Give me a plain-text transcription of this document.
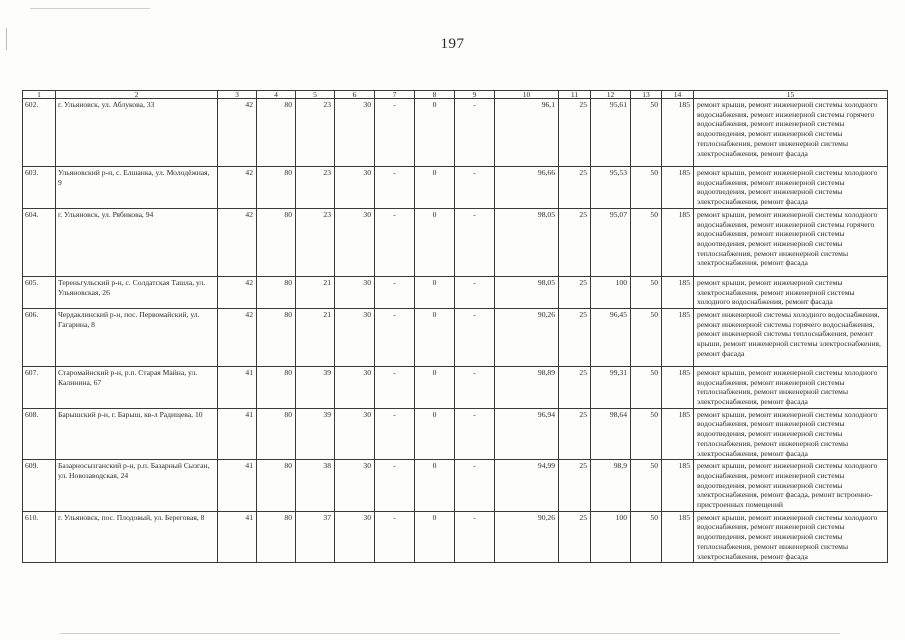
197
1	2	3	4	5	6	7	8	9	10	11	12	13	14	15
602.	г. Ульяновск, ул. Аблукова, 33	42	80	23	30	-	0	-	96,1	25	95,61	50	185	ремонт крыши, ремонт инженерной системы холодного водоснабжения, ремонт инженерной системы горячего водоснабжения, ремонт инженерной системы водоотведения, ремонт инженерной системы теплоснабжения, ремонт инженерной системы электроснабжения, ремонт фасада
603.	Ульяновский р-н, с. Елшанка, ул. Молодёжная, 9	42	80	23	30	-	0	-	96,66	25	95,53	50	185	ремонт крыши, ремонт инженерной системы холодного водоснабжения, ремонт инженерной системы водоотведения, ремонт инженерной системы электроснабжения, ремонт фасада
604.	г. Ульяновск, ул. Рябикова, 94	42	80	23	30	-	0	-	98,05	25	95,07	50	185	ремонт крыши, ремонт инженерной системы холодного водоснабжения, ремонт инженерной системы горячего водоснабжения, ремонт инженерной системы водоотведения, ремонт инженерной системы теплоснабжения, ремонт инженерной системы электроснабжения, ремонт фасада
605.	Тереньгульский р-н, с. Солдатская Ташла, ул. Ульяновская, 26	42	80	21	30	-	0	-	98,05	25	100	50	185	ремонт крыши, ремонт инженерной системы электроснабжения, ремонт инженерной системы холодного водоснабжения, ремонт фасада
606.	Чердаклинский р-н, пос. Первомайский, ул. Гагарина, 8	42	80	21	30	-	0	-	90,26	25	96,45	50	185	ремонт инженерной системы холодного водоснабжения, ремонт инженерной системы горячего водоснабжения, ремонт инженерной системы теплоснабжения, ремонт крыши, ремонт инженерной системы электроснабжения, ремонт фасада
607.	Старомайнский р-н, р.п. Старая Майна, ул. Калинина, 67	41	80	39	30	-	0	-	98,89	25	99,31	50	185	ремонт крыши, ремонт инженерной системы холодного водоснабжения, ремонт инженерной системы теплоснабжения, ремонт инженерной системы электроснабжения, ремонт фасада
608.	Барышский р-н, г. Барыш, кв-л Радищева, 10	41	80	39	30	-	0	-	96,94	25	98,64	50	185	ремонт крыши, ремонт инженерной системы холодного водоснабжения, ремонт инженерной системы водоотведения, ремонт инженерной системы теплоснабжения, ремонт инженерной системы электроснабжения, ремонт фасада
609.	Базарносызганский р-н, р.п. Базарный Сызган, ул. Новозаводская, 24	41	80	38	30	-	0	-	94,99	25	98,9	50	185	ремонт крыши, ремонт инженерной системы холодного водоснабжения, ремонт инженерной системы водоотведения, ремонт инженерной системы электроснабжения, ремонт фасада, ремонт встроенно-пристроенных помещений
610.	г. Ульяновск, пос. Плодовый, ул. Береговая, 8	41	80	37	30	-	0	-	90,26	25	100	50	185	ремонт крыши, ремонт инженерной системы холодного водоснабжения, ремонт инженерной системы водоотведения, ремонт инженерной системы теплоснабжения, ремонт инженерной системы электроснабжения, ремонт фасада
